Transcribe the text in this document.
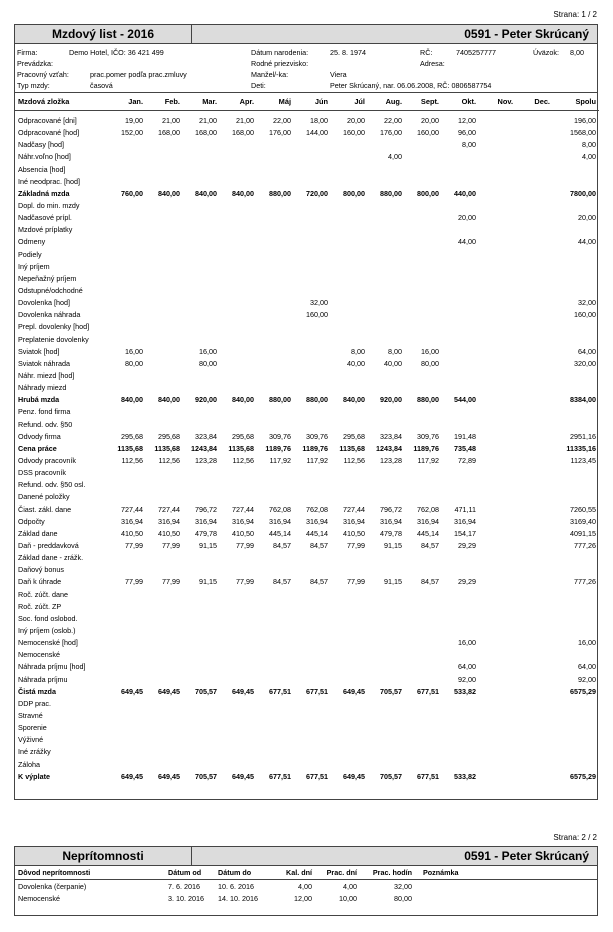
Strana: 1 / 2
Mzdový list - 2016	0591 - Peter Skrúcaný
Firma:	Demo Hotel, IČO: 36 421 499
Prevádzka:
Pracovný vzťah:	prac.pomer podľa prac.zmluvy
Typ mzdy:	časová
Dátum narodenia:	25. 8. 1974
Rodné priezvisko:
Manžel/-ka:	Viera
Deti:	Peter Skrúcaný, nar. 06.06.2008, RČ: 0806587754
RČ:	7405257777	Úväzok: 8,00
Adresa:
Mzdová zložka	Jan.	Feb.	Mar.	Apr.	Máj	Jún	Júl	Aug.	Sept.	Okt.	Nov.	Dec.	Spolu

Odpracované [dni]	19,00	21,00	21,00	21,00	22,00	18,00	20,00	22,00	20,00	12,00			196,00
Odpracované [hod]	152,00	168,00	168,00	168,00	176,00	144,00	160,00	176,00	160,00	96,00			1568,00
Nadčasy [hod]										8,00			8,00
Náhr.voľno [hod]								4,00					4,00
Absencia [hod]													
Iné neodprac. [hod]													
Základná mzda	760,00	840,00	840,00	840,00	880,00	720,00	800,00	880,00	800,00	440,00			7800,00
Dopl. do min. mzdy													
Nadčasové prípl.										20,00			20,00
Mzdové príplatky													
Odmeny										44,00			44,00
Podiely													
Iný príjem													
Nepeňažný príjem													
Odstupné/odchodné													
Dovolenka [hod]						32,00							32,00
Dovolenka náhrada						160,00							160,00
Prepl. dovolenky [hod]													
Preplatenie dovolenky													
Sviatok [hod]	16,00		16,00				8,00	8,00	16,00				64,00
Sviatok náhrada	80,00		80,00				40,00	40,00	80,00				320,00
Náhr. miezd [hod]													
Náhrady miezd													
Hrubá mzda	840,00	840,00	920,00	840,00	880,00	880,00	840,00	920,00	880,00	544,00			8384,00
Penz. fond firma													
Refund. odv. §50													
Odvody firma	295,68	295,68	323,84	295,68	309,76	309,76	295,68	323,84	309,76	191,48			2951,16
Cena práce	1135,68	1135,68	1243,84	1135,68	1189,76	1189,76	1135,68	1243,84	1189,76	735,48			11335,16
Odvody pracovník	112,56	112,56	123,28	112,56	117,92	117,92	112,56	123,28	117,92	72,89			1123,45
DSS pracovník													
Refund. odv. §50 osl.													
Danené položky													
Čiast. zákl. dane	727,44	727,44	796,72	727,44	762,08	762,08	727,44	796,72	762,08	471,11			7260,55
Odpočty	316,94	316,94	316,94	316,94	316,94	316,94	316,94	316,94	316,94	316,94			3169,40
Základ dane	410,50	410,50	479,78	410,50	445,14	445,14	410,50	479,78	445,14	154,17			4091,15
Daň - preddavková	77,99	77,99	91,15	77,99	84,57	84,57	77,99	91,15	84,57	29,29			777,26
Základ dane - zrážk.													
Daňový bonus													
Daň k úhrade	77,99	77,99	91,15	77,99	84,57	84,57	77,99	91,15	84,57	29,29			777,26
Roč. zúčt. dane													
Roč. zúčt. ZP													
Soc. fond oslobod.													
Iný príjem (oslob.)													
Nemocenské [hod]										16,00			16,00
Nemocenské													
Náhrada príjmu [hod]										64,00			64,00
Náhrada príjmu										92,00			92,00
Čistá mzda	649,45	649,45	705,57	649,45	677,51	677,51	649,45	705,57	677,51	533,82			6575,29
DDP prac.													
Stravné													
Sporenie													
Výživné													
Iné zrážky													
Záloha													
K výplate	649,45	649,45	705,57	649,45	677,51	677,51	649,45	705,57	677,51	533,82			6575,29
Strana: 2 / 2
Neprítomnosti	0591 - Peter Skrúcaný
Dôvod neprítomnosti	Dátum od	Dátum do	Kal. dní	Prac. dní	Prac. hodín	Poznámka
Dovolenka (čerpanie)	7. 6. 2016	10. 6. 2016	4,00	4,00	32,00	
Nemocenské	3. 10. 2016	14. 10. 2016	12,00	10,00	80,00	
